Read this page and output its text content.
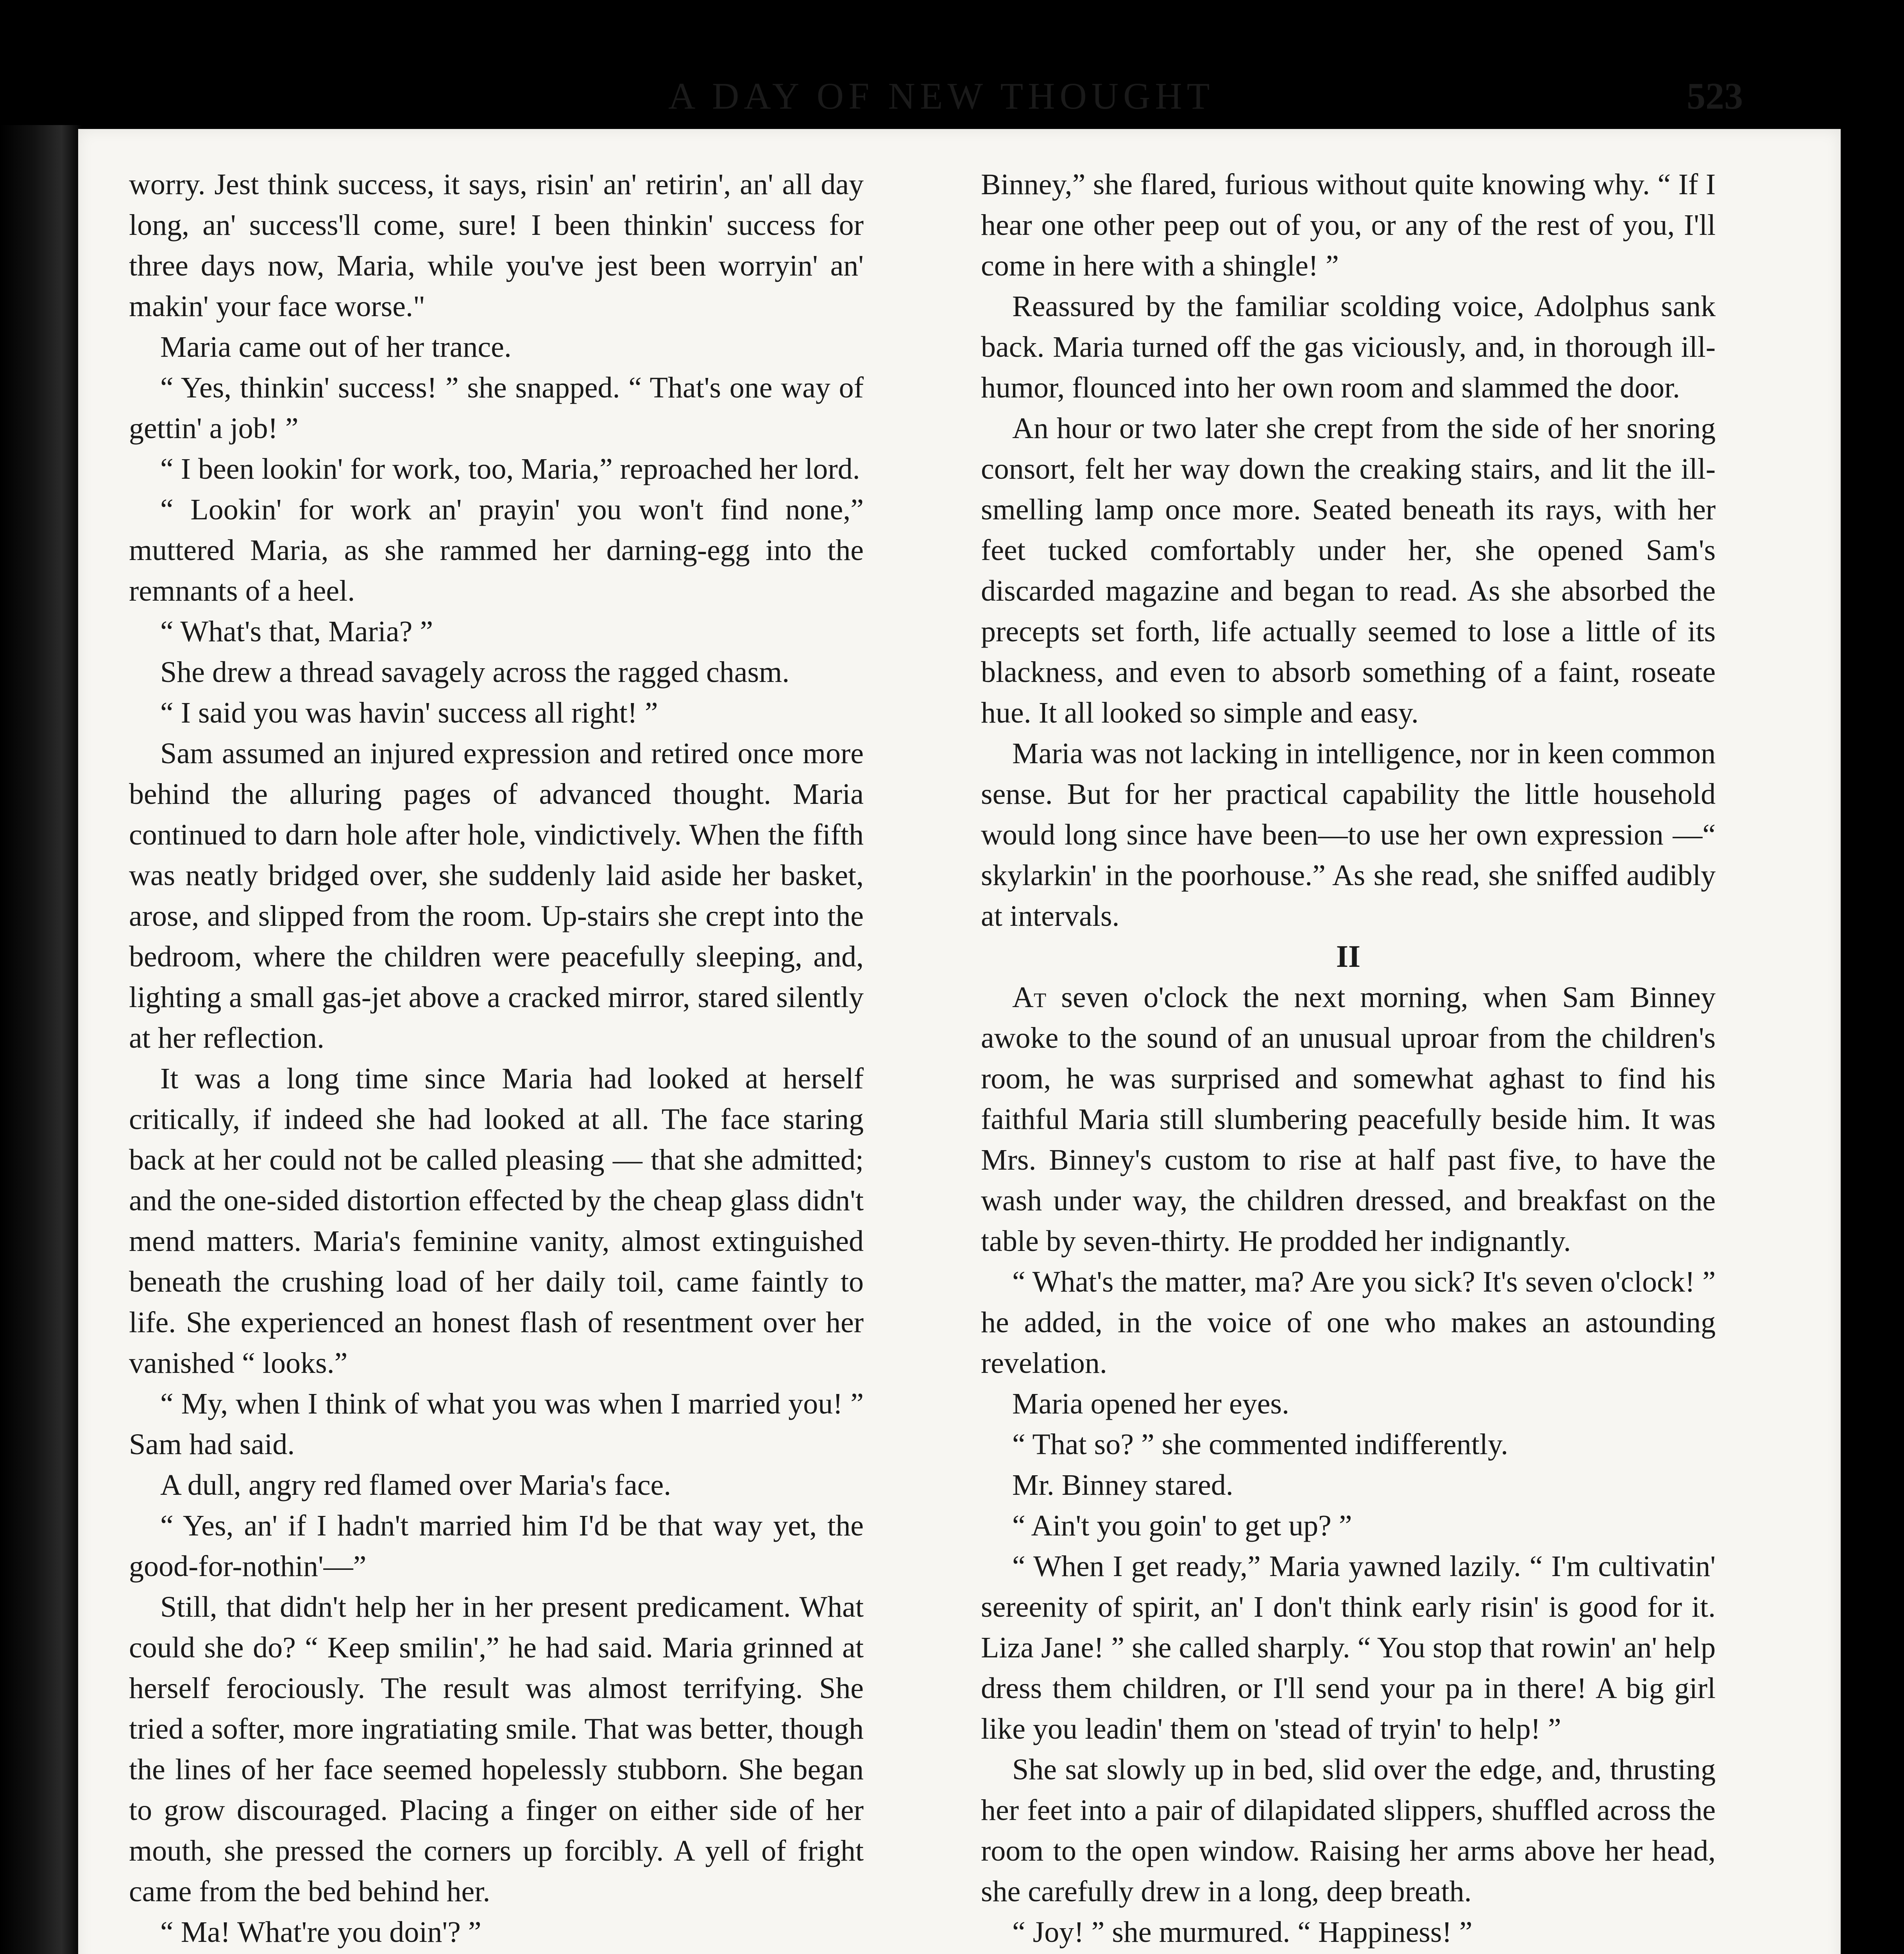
A DAY OF NEW THOUGHT	523

worry. Jest think success, it says, risin' an' retirin', an' all day long, an' success'll come, sure! I been thinkin' success for three days now, Maria, while you've jest been worryin' an' makin' your face worse."

Maria came out of her trance.

“ Yes, thinkin' success! ” she snapped. “ That's one way of gettin' a job! ”

“ I been lookin' for work, too, Maria,” reproached her lord.

“ Lookin' for work an' prayin' you won't find none,” muttered Maria, as she rammed her darning-egg into the remnants of a heel.

“ What's that, Maria? ”

She drew a thread savagely across the ragged chasm.

“ I said you was havin' success all right! ”

Sam assumed an injured expression and retired once more behind the alluring pages of advanced thought. Maria continued to darn hole after hole, vindictively. When the fifth was neatly bridged over, she suddenly laid aside her basket, arose, and slipped from the room. Up-stairs she crept into the bedroom, where the children were peacefully sleeping, and, lighting a small gas-jet above a cracked mirror, stared silently at her reflection.

It was a long time since Maria had looked at herself critically, if indeed she had looked at all. The face staring back at her could not be called pleasing — that she admitted; and the one-sided distortion effected by the cheap glass didn't mend matters. Maria's feminine vanity, almost extinguished beneath the crushing load of her daily toil, came faintly to life. She experienced an honest flash of resentment over her vanished “ looks.”

“ My, when I think of what you was when I married you! ” Sam had said.

A dull, angry red flamed over Maria's face.

“ Yes, an' if I hadn't married him I'd be that way yet, the good-for-nothin'—”

Still, that didn't help her in her present predicament. What could she do? “ Keep smilin',” he had said. Maria grinned at herself ferociously. The result was almost terrifying. She tried a softer, more ingratiating smile. That was better, though the lines of her face seemed hopelessly stubborn. She began to grow discouraged. Placing a finger on either side of her mouth, she pressed the corners up forcibly. A yell of fright came from the bed behind her.

“ Ma! What're you doin'? ”

Binney,” she flared, furious without quite knowing why. “ If I hear one other peep out of you, or any of the rest of you, I'll come in here with a shingle! ”

Reassured by the familiar scolding voice, Adolphus sank back. Maria turned off the gas viciously, and, in thorough ill-humor, flounced into her own room and slammed the door.

An hour or two later she crept from the side of her snoring consort, felt her way down the creaking stairs, and lit the ill-smelling lamp once more. Seated beneath its rays, with her feet tucked comfortably under her, she opened Sam's discarded magazine and began to read. As she absorbed the precepts set forth, life actually seemed to lose a little of its blackness, and even to absorb something of a faint, roseate hue. It all looked so simple and easy.

Maria was not lacking in intelligence, nor in keen common sense. But for her practical capability the little household would long since have been—to use her own expression —“ skylarkin' in the poorhouse.” As she read, she sniffed audibly at intervals.

II

At seven o'clock the next morning, when Sam Binney awoke to the sound of an unusual uproar from the children's room, he was surprised and somewhat aghast to find his faithful Maria still slumbering peacefully beside him. It was Mrs. Binney's custom to rise at half past five, to have the wash under way, the children dressed, and breakfast on the table by seven-thirty. He prodded her indignantly.

“ What's the matter, ma? Are you sick? It's seven o'clock! ” he added, in the voice of one who makes an astounding revelation.

Maria opened her eyes.

“ That so? ” she commented indifferently.

Mr. Binney stared.

“ Ain't you goin' to get up? ”

“ When I get ready,” Maria yawned lazily. “ I'm cultivatin' sereenity of spirit, an' I don't think early risin' is good for it. Liza Jane! ” she called sharply. “ You stop that rowin' an' help dress them children, or I'll send your pa in there! A big girl like you leadin' them on 'stead of tryin' to help! ”

She sat slowly up in bed, slid over the edge, and, thrusting her feet into a pair of dilapidated slippers, shuffled across the room to the open window. Raising her arms above her head, she carefully drew in a long, deep breath.

“ Joy! ” she murmured. “ Happiness! ”
